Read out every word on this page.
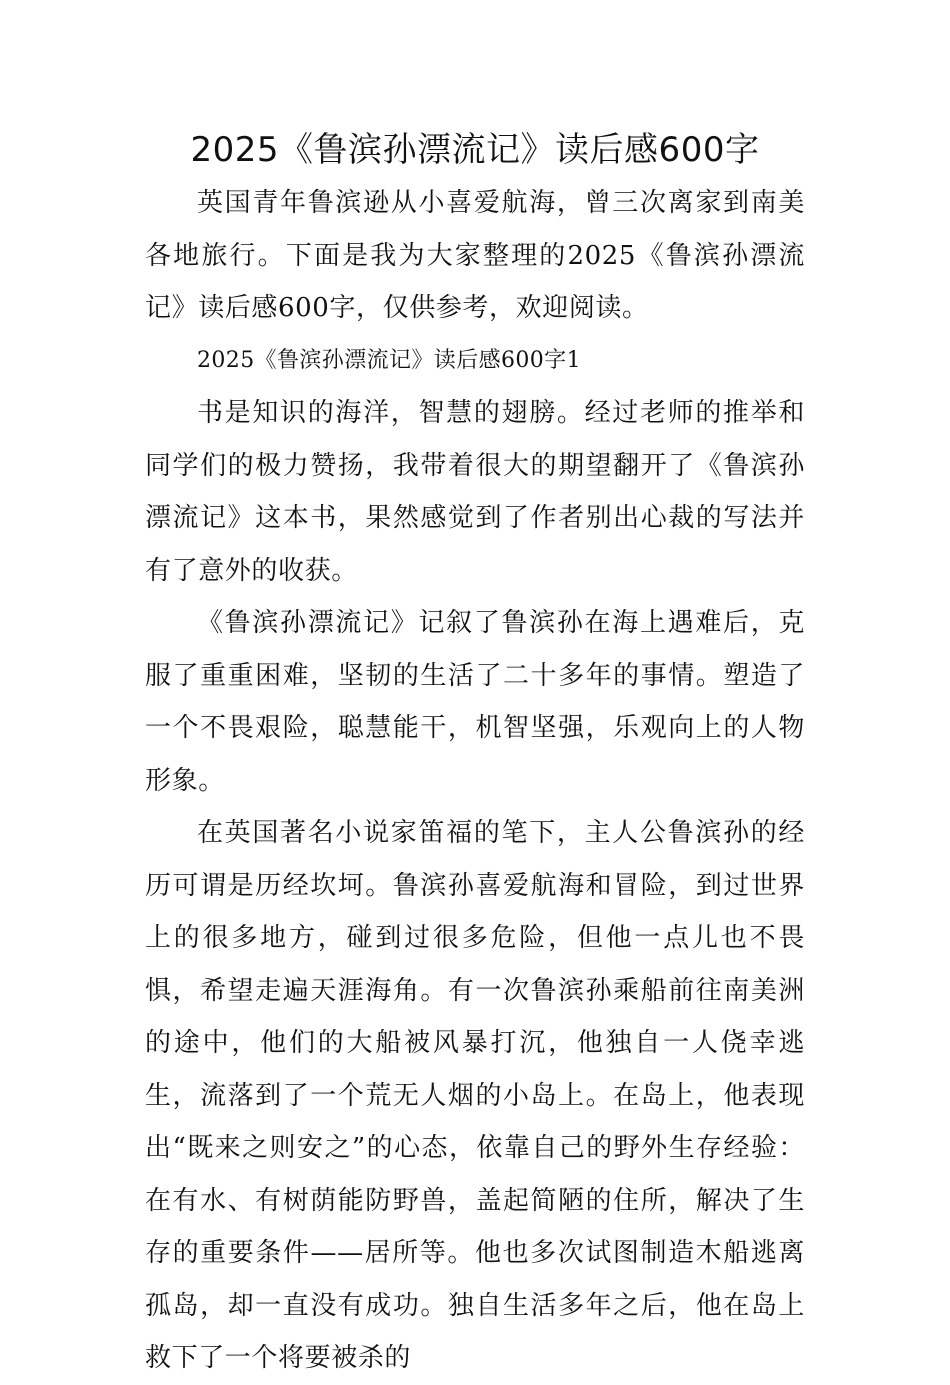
2025《鲁滨孙漂流记》读后感600字

英国青年鲁滨逊从小喜爱航海，曾三次离家到南美各地旅行。下面是我为大家整理的2025《鲁滨孙漂流记》读后感600字，仅供参考，欢迎阅读。

2025《鲁滨孙漂流记》读后感600字1

书是知识的海洋，智慧的翅膀。经过老师的推举和同学们的极力赞扬，我带着很大的期望翻开了《鲁滨孙漂流记》这本书，果然感觉到了作者别出心裁的写法并有了意外的收获。

《鲁滨孙漂流记》记叙了鲁滨孙在海上遇难后，克服了重重困难，坚韧的生活了二十多年的事情。塑造了一个不畏艰险，聪慧能干，机智坚强，乐观向上的人物形象。

在英国著名小说家笛福的笔下，主人公鲁滨孙的经历可谓是历经坎坷。鲁滨孙喜爱航海和冒险，到过世界上的很多地方，碰到过很多危险，但他一点儿也不畏惧，希望走遍天涯海角。有一次鲁滨孙乘船前往南美洲的途中，他们的大船被风暴打沉，他独自一人侥幸逃生，流落到了一个荒无人烟的小岛上。在岛上，他表现出“既来之则安之”的心态，依靠自己的野外生存经验：在有水、有树荫能防野兽，盖起简陋的住所，解决了生存的重要条件——居所等。他也多次试图制造木船逃离孤岛，却一直没有成功。独自生活多年之后，他在岛上救下了一个将要被杀的
